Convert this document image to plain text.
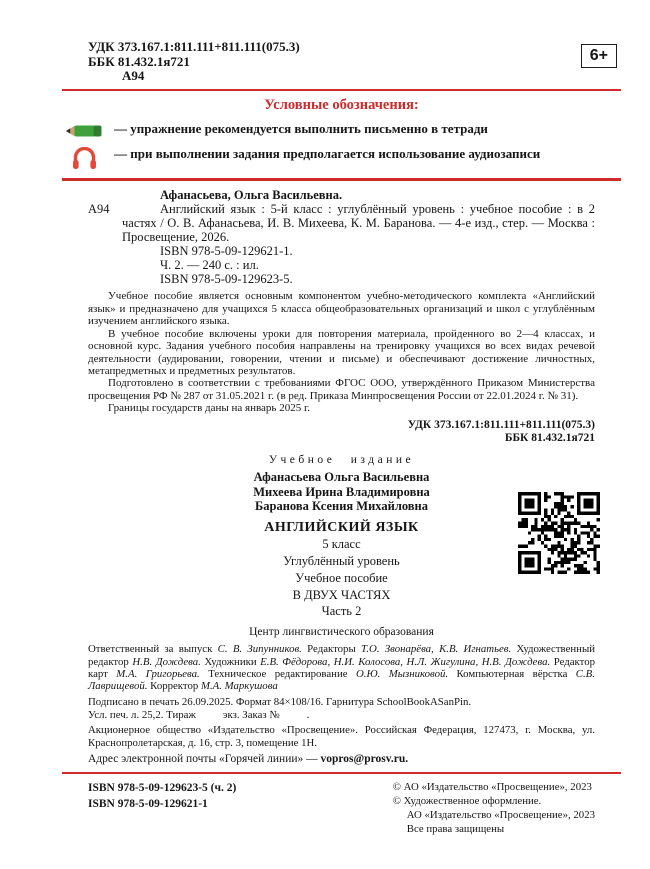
6+
УДК 373.167.1:811.111+811.111(075.3)
ББК 81.432.1я721
А94
Условные обозначения:
— упражнение рекомендуется выполнить письменно в тетради
— при выполнении задания предполагается использование аудиозаписи
Афанасьева, Ольга Васильевна.
А94	Английский язык : 5-й класс : углублённый уровень : учебное пособие : в 2 частях / О. В. Афанасьева, И. В. Михеева, К. М. Баранова. — 4-е изд., стер. — Москва : Просвещение, 2026.
ISBN 978-5-09-129621-1.
Ч. 2. — 240 с. : ил.
ISBN 978-5-09-129623-5.

Учебное пособие является основным компонентом учебно-методического комплекта «Английский язык» и предназначено для учащихся 5 класса общеобразовательных организаций и школ с углублённым изучением английского языка.

В учебное пособие включены уроки для повторения материала, пройденного во 2—4 классах, и основной курс. Задания учебного пособия направлены на тренировку учащихся во всех видах речевой деятельности (аудировании, говорении, чтении и письме) и обеспечивают достижение личностных, метапредметных и предметных результатов.

Подготовлено в соответствии с требованиями ФГОС ООО, утверждённого Приказом Министерства просвещения РФ № 287 от 31.05.2021 г. (в ред. Приказа Минпросвещения России от 22.01.2024 г. № 31).

Границы государств даны на январь 2025 г.

УДК 373.167.1:811.111+811.111(075.3)
ББК 81.432.1я721
Учебное издание
Афанасьева Ольга Васильевна
Михеева Ирина Владимировна
Баранова Ксения Михайловна
АНГЛИЙСКИЙ ЯЗЫК
5 класс
Углублённый уровень
Учебное пособие
В ДВУХ ЧАСТЯХ
Часть 2
Центр лингвистического образования

Ответственный за выпуск С. В. Зипунников. Редакторы Т.О. Звонарёва, К.В. Игнатьев. Художественный редактор Н.В. Дождева. Художники Е.В. Фёдорова, Н.И. Колосова, Н.Л. Жигулина, Н.В. Дождева. Редактор карт М.А. Григорьева. Техническое редактирование О.Ю. Мызниковой. Компьютерная вёрстка С.В. Лаврищевой. Корректор М.А. Маркушова

Подписано в печать 26.09.2025. Формат 84×108/16. Гарнитура SchoolBookASanPin.
Усл. печ. л. 25,2. Тираж          экз. Заказ №          .

Акционерное общество «Издательство «Просвещение». Российская Федерация, 127473, г. Москва, ул. Краснопролетарская, д. 16, стр. 3, помещение 1Н.

Адрес электронной почты «Горячей линии» — vopros@prosv.ru.
ISBN 978-5-09-129623-5 (ч. 2)
ISBN 978-5-09-129621-1
© АО «Издательство «Просвещение», 2023
© Художественное оформление.
АО «Издательство «Просвещение», 2023
Все права защищены
